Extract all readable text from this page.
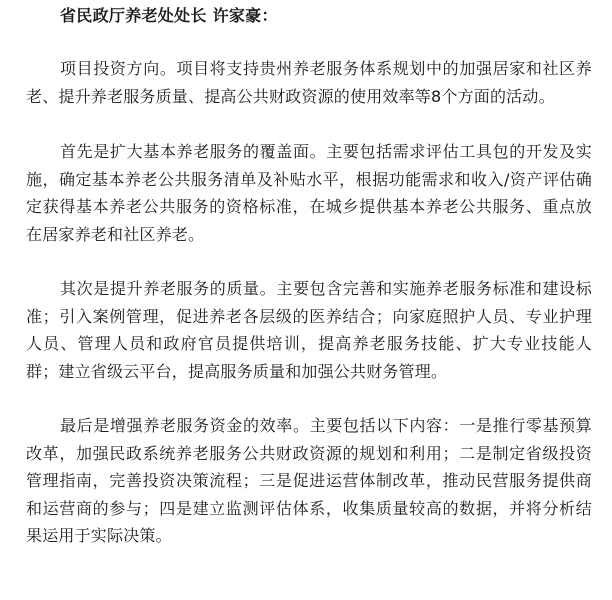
省民政厅养老处处长 许家豪：

项目投资方向。项目将支持贵州养老服务体系规划中的加强居家和社区养老、提升养老服务质量、提高公共财政资源的使用效率等8个方面的活动。

首先是扩大基本养老服务的覆盖面。主要包括需求评估工具包的开发及实施，确定基本养老公共服务清单及补贴水平，根据功能需求和收入/资产评估确定获得基本养老公共服务的资格标准，在城乡提供基本养老公共服务、重点放在居家养老和社区养老。

其次是提升养老服务的质量。主要包含完善和实施养老服务标准和建设标准；引入案例管理，促进养老各层级的医养结合；向家庭照护人员、专业护理人员、管理人员和政府官员提供培训，提高养老服务技能、扩大专业技能人群；建立省级云平台，提高服务质量和加强公共财务管理。

最后是增强养老服务资金的效率。主要包括以下内容：一是推行零基预算改革，加强民政系统养老服务公共财政资源的规划和利用；二是制定省级投资管理指南，完善投资决策流程；三是促进运营体制改革，推动民营服务提供商和运营商的参与；四是建立监测评估体系，收集质量较高的数据，并将分析结果运用于实际决策。
